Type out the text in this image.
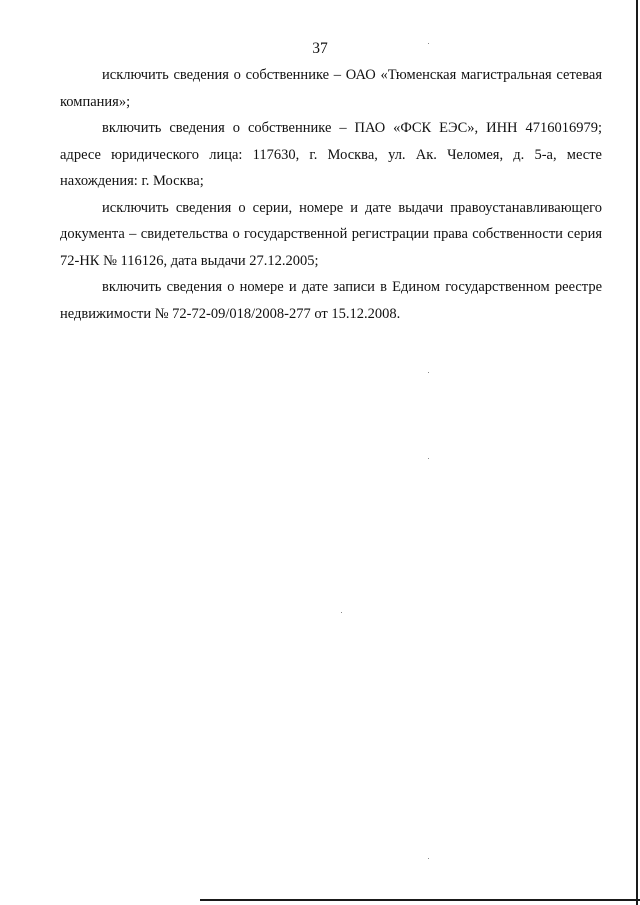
37

исключить сведения о собственнике – ОАО «Тюменская магистральная сетевая компания»;

включить сведения о собственнике – ПАО «ФСК ЕЭС», ИНН 4716016979; адресе юридического лица: 117630, г. Москва, ул. Ак. Челомея, д. 5-а, месте нахождения: г. Москва;

исключить сведения о серии, номере и дате выдачи правоустанавливающего документа – свидетельства о государственной регистрации права собственности серия 72-НК № 116126, дата выдачи 27.12.2005;

включить сведения о номере и дате записи в Едином государственном реестре недвижимости № 72-72-09/018/2008-277 от 15.12.2008.
